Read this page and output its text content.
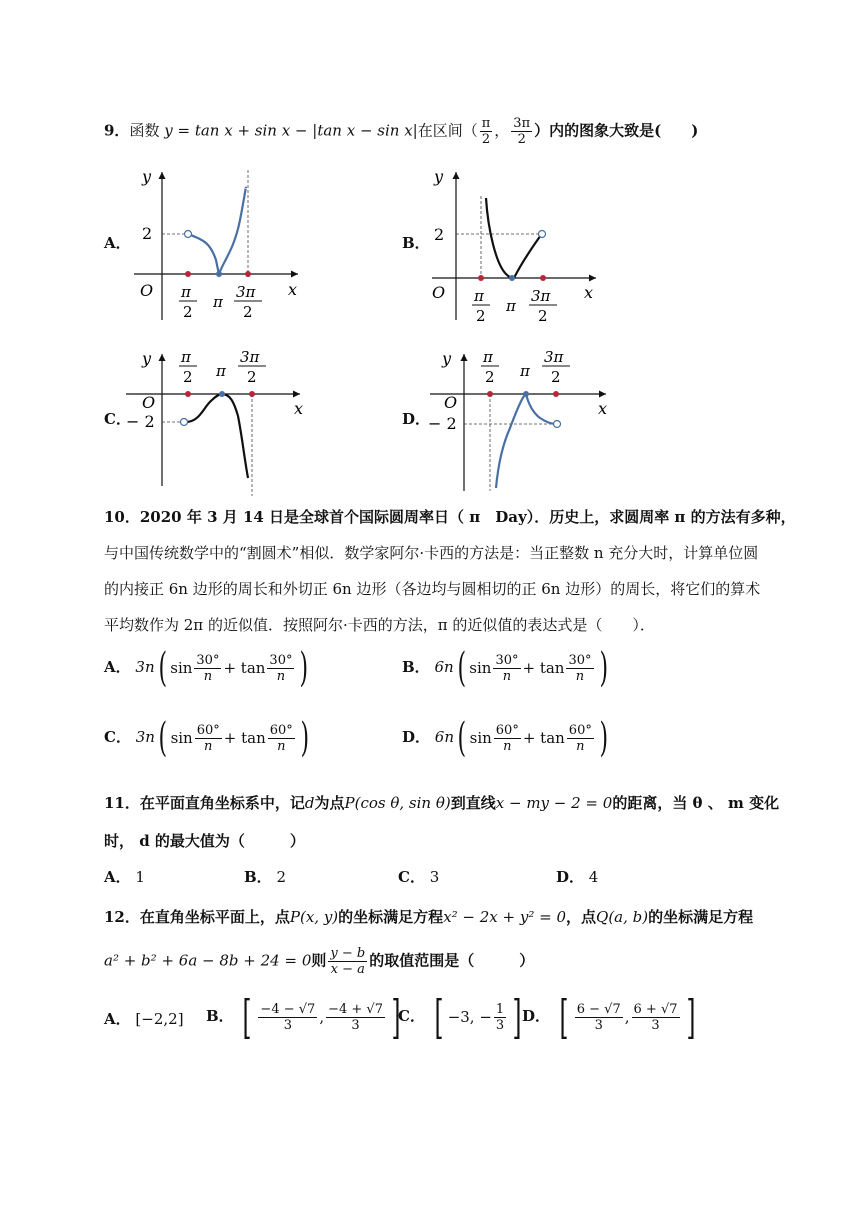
9．函数 y = tan x + sin x − |tan x − sin x|在区间（ $\frac{\pi}{2}$ ， $\frac{3\pi}{2}$ ）内的图象大致是(　　)
A．	B．
C．	D．
y
x
O
2
π
2
π
3π
2
y
x
O
2
π
2
π
3π
2
y
x
O
− 2
π
2 π
3π
2
y
x
O
− 2
π
2 π
3π
2
10．2020 年 3 月 14 日是全球首个国际圆周率日（ π　Day）．历史上，求圆周率 π 的方法有多种，
与中国传统数学中的“割圆术”相似．数学家阿尔·卡西的方法是：当正整数 n 充分大时，计算单位圆
的内接正 6n 边形的周长和外切正 6n 边形（各边均与圆相切的正 6n 边形）的周长，将它们的算术
平均数作为 2π 的近似值．按照阿尔·卡西的方法，π 的近似值的表达式是（　　）．
A． 3n ( $\sin \frac{30^\circ}{n} + \tan \frac{30^\circ}{n}$ )	B． 6n ( $\sin \frac{30^\circ}{n} + \tan \frac{30^\circ}{n}$ )
C． 3n ( $\sin \frac{60^\circ}{n} + \tan \frac{60^\circ}{n}$ )	D． 6n ( $\sin \frac{60^\circ}{n} + \tan \frac{60^\circ}{n}$ )
11．在平面直角坐标系中，记d为点P(cos θ, sin θ)到直线x − my − 2 = 0的距离，当 θ 、 m 变化
时， d 的最大值为（　　　）
A． 1	B． 2	C． 3	D． 4
12．在直角坐标平面上，点P(x, y)的坐标满足方程x² − 2x + y² = 0，点Q(a, b)的坐标满足方程
a² + b² + 6a − 8b + 24 = 0则 $\frac{y - b}{x - a}$ 的取值范围是（　　　）
A． [−2,2] B． [ $\frac{-4 - √7}{3}$ , $\frac{-4 + √7}{3}$ ]
C． [ −3, − $\frac{1}{3}$ ] D． [ $\frac{6 - √7}{3}$ , $\frac{6 + √7}{3}$ ]
